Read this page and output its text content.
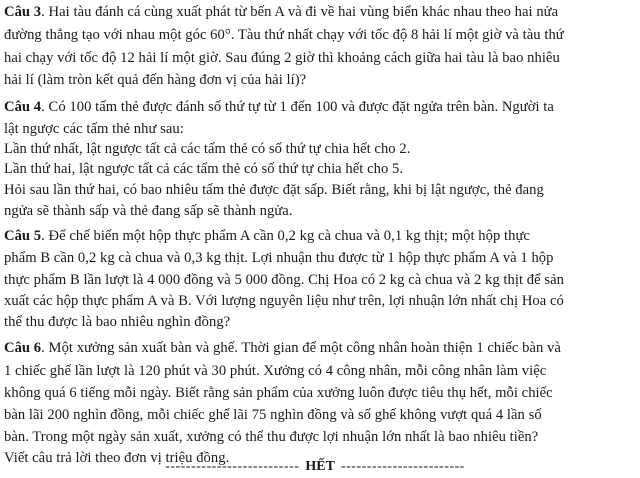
Câu 3. Hai tàu đánh cá cùng xuất phát từ bến A và đi về hai vùng biển khác nhau theo hai nửa
đường thẳng tạo với nhau một góc 60°. Tàu thứ nhất chạy với tốc độ 8 hải lí một giờ và tàu thứ
hai chạy với tốc độ 12 hải lí một giờ. Sau đúng 2 giờ thì khoảng cách giữa hai tàu là bao nhiêu
hải lí (làm tròn kết quả đến hàng đơn vị của hải lí)?
Câu 4. Có 100 tấm thẻ được đánh số thứ tự từ 1 đến 100 và được đặt ngửa trên bàn. Người ta
lật ngược các tấm thẻ như sau:
Lần thứ nhất, lật ngược tất cả các tấm thẻ có số thứ tự chia hết cho 2.
Lần thứ hai, lật ngược tất cả các tấm thẻ có số thứ tự chia hết cho 5.
Hỏi sau lần thứ hai, có bao nhiêu tấm thẻ được đặt sấp. Biết rằng, khi bị lật ngược, thẻ đang
ngửa sẽ thành sấp và thẻ đang sấp sẽ thành ngửa.
Câu 5. Để chế biến một hộp thực phẩm A cần 0,2 kg cà chua và 0,1 kg thịt; một hộp thực
phẩm B cần 0,2 kg cà chua và 0,3 kg thịt. Lợi nhuận thu được từ 1 hộp thực phẩm A và 1 hộp
thực phẩm B lần lượt là 4 000 đồng và 5 000 đồng. Chị Hoa có 2 kg cà chua và 2 kg thịt để sản
xuất các hộp thực phẩm A và B. Với lượng nguyên liệu như trên, lợi nhuận lớn nhất chị Hoa có
thể thu được là bao nhiêu nghìn đồng?
Câu 6. Một xưởng sản xuất bàn và ghế. Thời gian để một công nhân hoàn thiện 1 chiếc bàn và
1 chiếc ghế lần lượt là 120 phút và 30 phút. Xưởng có 4 công nhân, mỗi công nhân làm việc
không quá 6 tiếng mỗi ngày. Biết rằng sản phẩm của xưởng luôn được tiêu thụ hết, mỗi chiếc
bàn lãi 200 nghìn đồng, mỗi chiếc ghế lãi 75 nghìn đồng và số ghế không vượt quá 4 lần số
bàn. Trong một ngày sản xuất, xưởng có thể thu được lợi nhuận lớn nhất là bao nhiêu tiền?
Viết câu trả lời theo đơn vị triệu đồng.
-------------------------- HẾT ------------------------
